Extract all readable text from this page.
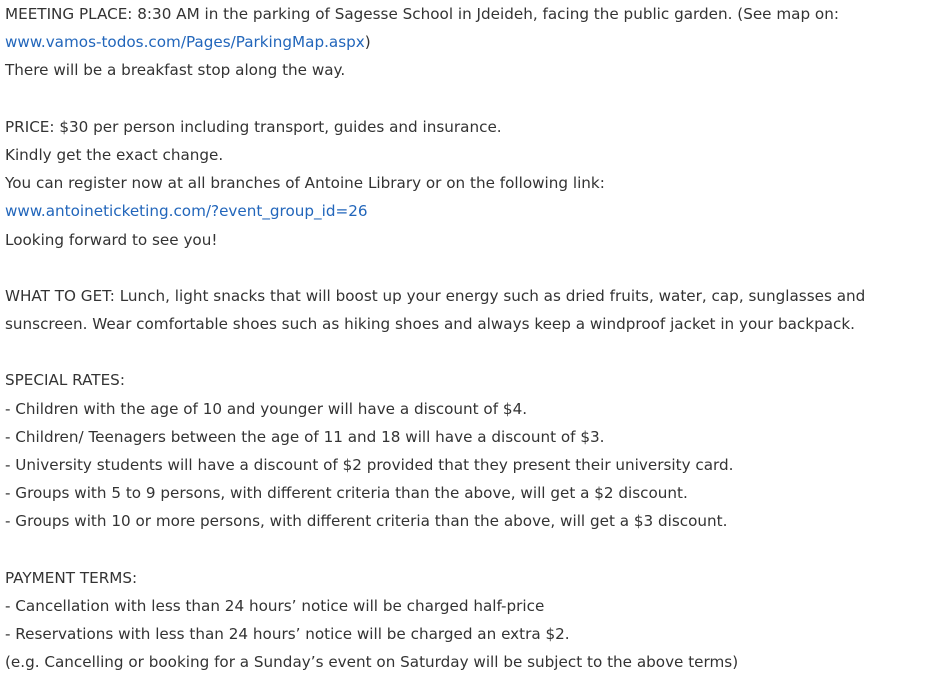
MEETING PLACE: 8:30 AM in the parking of Sagesse School in Jdeideh, facing the public garden. (See map on:
www.vamos-todos.com/Pages/ParkingMap.aspx)
There will be a breakfast stop along the way.
PRICE: $30 per person including transport, guides and insurance.
Kindly get the exact change.
You can register now at all branches of Antoine Library or on the following link:
www.antoineticketing.com/?event_group_id=26
Looking forward to see you!
WHAT TO GET: Lunch, light snacks that will boost up your energy such as dried fruits, water, cap, sunglasses and
sunscreen. Wear comfortable shoes such as hiking shoes and always keep a windproof jacket in your backpack.
SPECIAL RATES:
- Children with the age of 10 and younger will have a discount of $4.
- Children/ Teenagers between the age of 11 and 18 will have a discount of $3.
- University students will have a discount of $2 provided that they present their university card.
- Groups with 5 to 9 persons, with different criteria than the above, will get a $2 discount.
- Groups with 10 or more persons, with different criteria than the above, will get a $3 discount.
PAYMENT TERMS:
- Cancellation with less than 24 hours’ notice will be charged half-price
- Reservations with less than 24 hours’ notice will be charged an extra $2.
(e.g. Cancelling or booking for a Sunday’s event on Saturday will be subject to the above terms)
